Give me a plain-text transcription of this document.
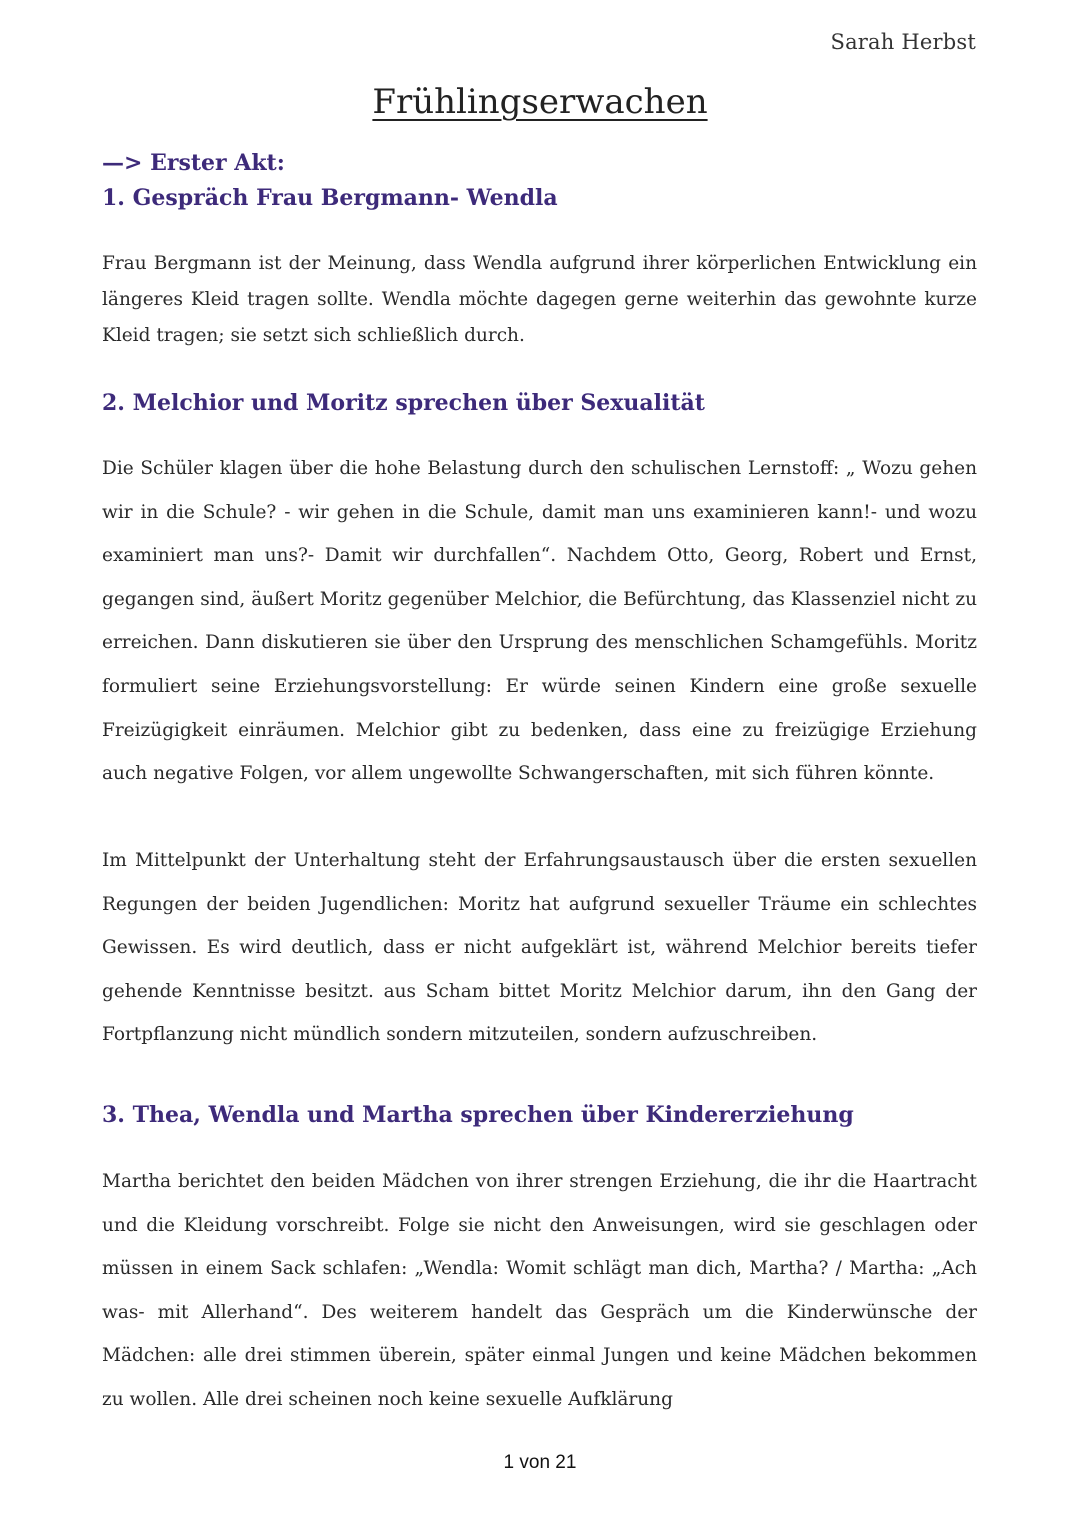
Sarah Herbst
Frühlingserwachen
—> Erster Akt:
1. Gespräch Frau Bergmann- Wendla

Frau Bergmann ist der Meinung, dass Wendla aufgrund ihrer körperlichen Entwicklung ein längeres Kleid tragen sollte. Wendla möchte dagegen gerne weiterhin das gewohnte kurze Kleid tragen; sie setzt sich schließlich durch.

2. Melchior und Moritz sprechen über Sexualität

Die Schüler klagen über die hohe Belastung durch den schulischen Lernstoff: „ Wozu gehen wir in die Schule? - wir gehen in die Schule, damit man uns examinieren kann!- und wozu examiniert man uns?- Damit wir durchfallen“. Nachdem Otto, Georg, Robert und Ernst, gegangen sind, äußert Moritz gegenüber Melchior, die Befürchtung, das Klassenziel nicht zu erreichen. Dann diskutieren sie über den Ursprung des menschlichen Schamgefühls. Moritz formuliert seine Erziehungsvorstellung: Er würde seinen Kindern eine große sexuelle Freizügigkeit einräumen. Melchior gibt zu bedenken, dass eine zu freizügige Erziehung auch negative Folgen, vor allem ungewollte Schwangerschaften, mit sich führen könnte.

Im Mittelpunkt der Unterhaltung steht der Erfahrungsaustausch über die ersten sexuellen Regungen der beiden Jugendlichen: Moritz hat aufgrund sexueller Träume ein schlechtes Gewissen. Es wird deutlich, dass er nicht aufgeklärt ist, während Melchior bereits tiefer gehende Kenntnisse besitzt. aus Scham bittet Moritz Melchior darum, ihn den Gang der Fortpflanzung nicht mündlich sondern mitzuteilen, sondern aufzuschreiben.

3. Thea, Wendla und Martha sprechen über Kindererziehung

Martha berichtet den beiden Mädchen von ihrer strengen Erziehung, die ihr die Haartracht und die Kleidung vorschreibt. Folge sie nicht den Anweisungen, wird sie geschlagen oder müssen in einem Sack schlafen: „Wendla: Womit schlägt man dich, Martha? / Martha: „Ach was- mit Allerhand“. Des weiterem handelt das Gespräch um die Kinderwünsche der Mädchen: alle drei stimmen überein, später einmal Jungen und keine Mädchen bekommen zu wollen. Alle drei scheinen noch keine sexuelle Aufklärung

1 von 21
